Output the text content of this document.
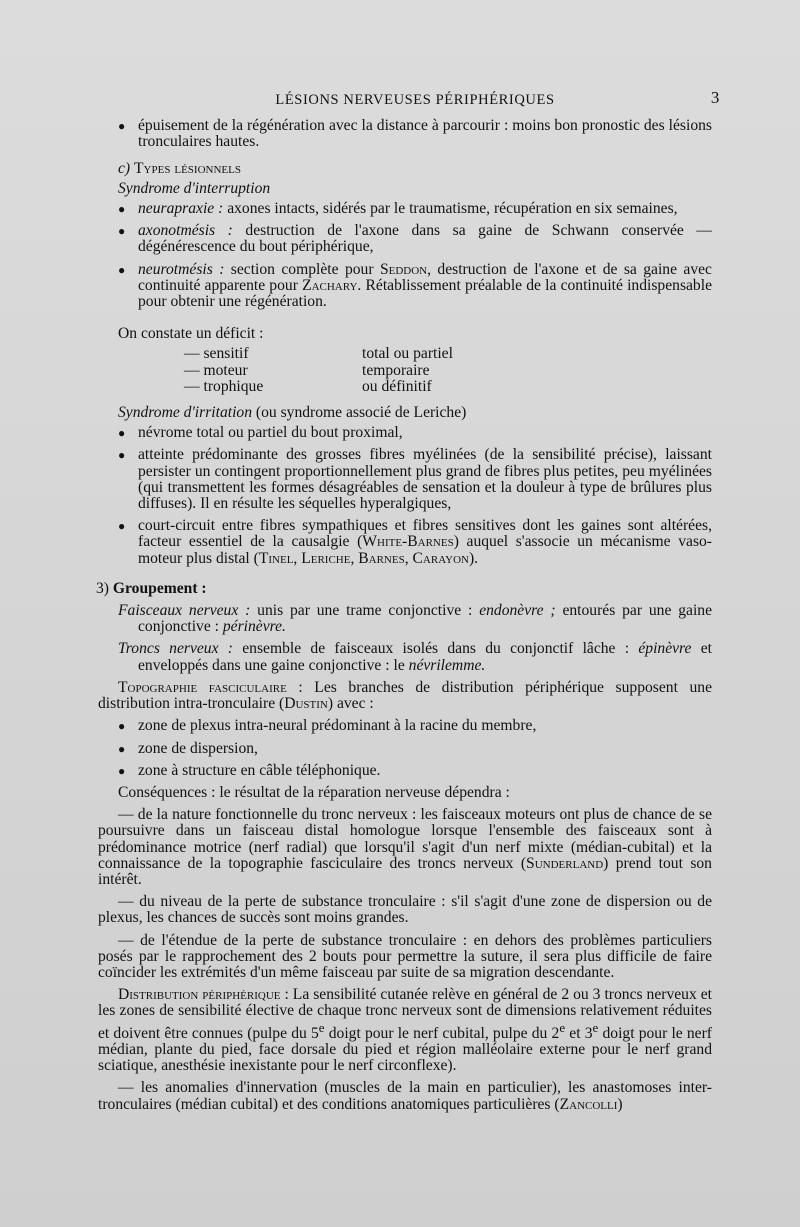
LÉSIONS NERVEUSES PÉRIPHÉRIQUES	3
● épuisement de la régénération avec la distance à parcourir : moins bon pronostic des lésions tronculaires hautes.
c) Types lésionnels

Syndrome d'interruption

● neurapraxie : axones intacts, sidérés par le traumatisme, récupération en six semaines,
● axonotmésis : destruction de l'axone dans sa gaine de Schwann conservée — dégénérescence du bout périphérique,
● neurotmésis : section complète pour Seddon, destruction de l'axone et de sa gaine avec continuité apparente pour Zachary. Rétablissement préalable de la continuité indispensable pour obtenir une régénération.

On constate un déficit :

— sensitif	total ou partiel
— moteur	temporaire
— trophique	ou définitif

Syndrome d'irritation (ou syndrome associé de Leriche)

● névrome total ou partiel du bout proximal,
● atteinte prédominante des grosses fibres myélinées (de la sensibilité précise), laissant persister un contingent proportionnellement plus grand de fibres plus petites, peu myélinées (qui transmettent les formes désagréables de sensation et la douleur à type de brûlures plus diffuses). Il en résulte les séquelles hyperalgiques,
● court-circuit entre fibres sympathiques et fibres sensitives dont les gaines sont altérées, facteur essentiel de la causalgie (White-Barnes) auquel s'associe un mécanisme vaso-moteur plus distal (Tinel, Leriche, Barnes, Carayon).
3) Groupement :

Faisceaux nerveux : unis par une trame conjonctive : endonèvre ; entourés par une gaine conjonctive : périnèvre.

Troncs nerveux : ensemble de faisceaux isolés dans du conjonctif lâche : épinèvre et enveloppés dans une gaine conjonctive : le névrilemme.

Topographie fasciculaire : Les branches de distribution périphérique supposent une distribution intra-tronculaire (Dustin) avec :

● zone de plexus intra-neural prédominant à la racine du membre,
● zone de dispersion,
● zone à structure en câble téléphonique.

Conséquences : le résultat de la réparation nerveuse dépendra :

— de la nature fonctionnelle du tronc nerveux : les faisceaux moteurs ont plus de chance de se poursuivre dans un faisceau distal homologue lorsque l'ensemble des faisceaux sont à prédominance motrice (nerf radial) que lorsqu'il s'agit d'un nerf mixte (médian-cubital) et la connaissance de la topographie fasciculaire des troncs nerveux (Sunderland) prend tout son intérêt.

— du niveau de la perte de substance tronculaire : s'il s'agit d'une zone de dispersion ou de plexus, les chances de succès sont moins grandes.

— de l'étendue de la perte de substance tronculaire : en dehors des problèmes particuliers posés par le rapprochement des 2 bouts pour permettre la suture, il sera plus difficile de faire coïncider les extrémités d'un même faisceau par suite de sa migration descendante.

Distribution périphérique : La sensibilité cutanée relève en général de 2 ou 3 troncs nerveux et les zones de sensibilité élective de chaque tronc nerveux sont de dimensions relativement réduites et doivent être connues (pulpe du 5e doigt pour le nerf cubital, pulpe du 2e et 3e doigt pour le nerf médian, plante du pied, face dorsale du pied et région malléolaire externe pour le nerf grand sciatique, anesthésie inexistante pour le nerf circonflexe).

— les anomalies d'innervation (muscles de la main en particulier), les anastomoses inter-tronculaires (médian cubital) et des conditions anatomiques particulières (Zancolli)
